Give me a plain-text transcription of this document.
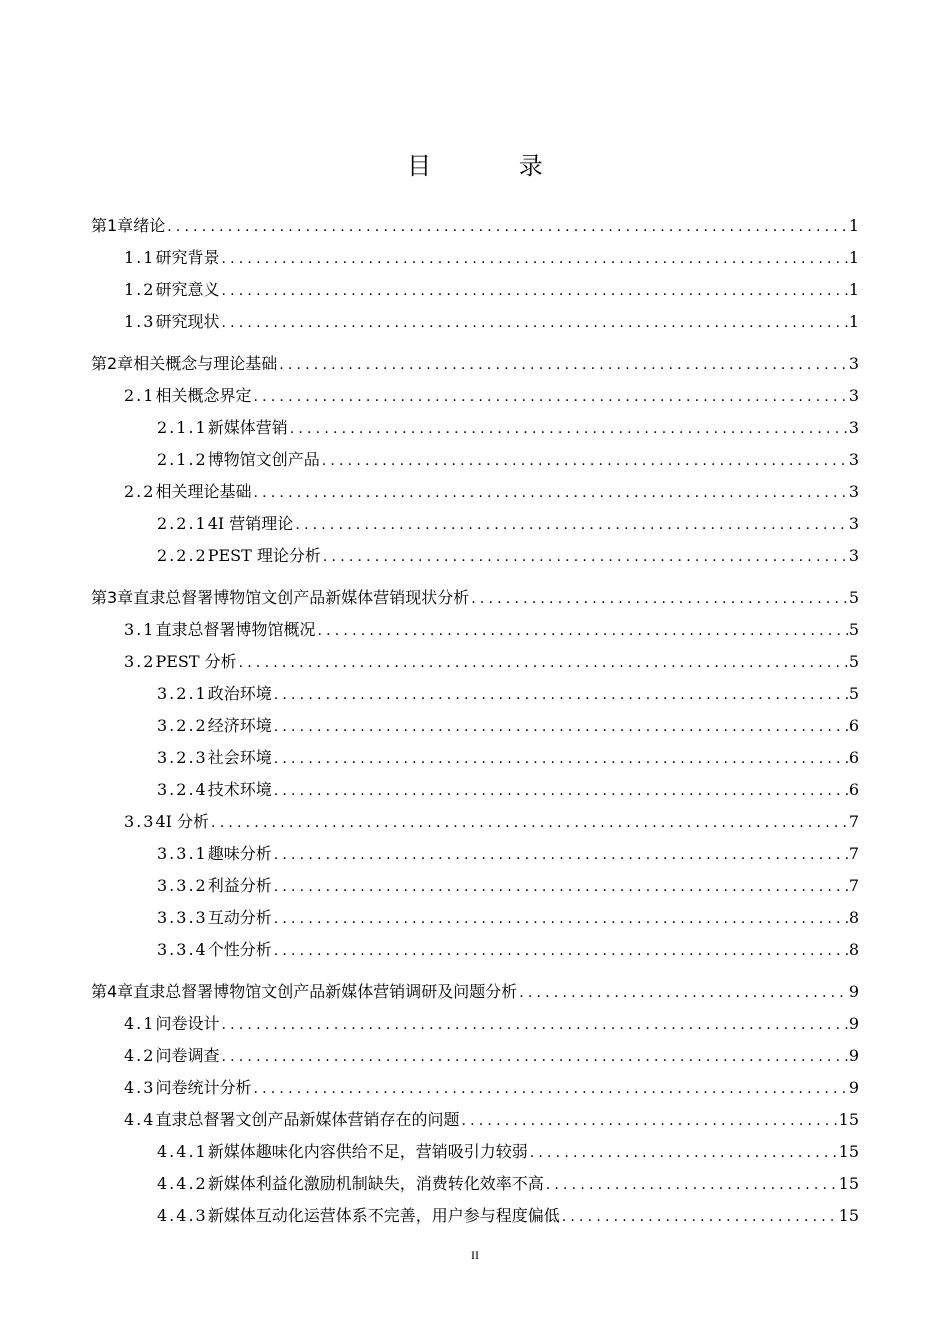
目 录
第1章 绪论 .....	1
1.1 研究背景 .....	1
1.2 研究意义 .....	1
1.3 研究现状 .....	1
第2章 相关概念与理论基础 .....	3
2.1 相关概念界定 .....	3
2.1.1 新媒体营销 .....	3
2.1.2 博物馆文创产品 .....	3
2.2 相关理论基础 .....	3
2.2.1 4I 营销理论 .....	3
2.2.2 PEST 理论分析 .....	3
第3章 直隶总督署博物馆文创产品新媒体营销现状分析 .....	5
3.1 直隶总督署博物馆概况 .....	5
3.2 PEST 分析 .....	5
3.2.1 政治环境 .....	5
3.2.2 经济环境 .....	6
3.2.3 社会环境 .....	6
3.2.4 技术环境 .....	6
3.3 4I 分析 .....	7
3.3.1 趣味分析 .....	7
3.3.2 利益分析 .....	7
3.3.3 互动分析 .....	8
3.3.4 个性分析 .....	8
第4章 直隶总督署博物馆文创产品新媒体营销调研及问题分析 .....	9
4.1 问卷设计 .....	9
4.2 问卷调查 .....	9
4.3 问卷统计分析 .....	9
4.4 直隶总督署文创产品新媒体营销存在的问题 .....	15
4.4.1 新媒体趣味化内容供给不足，营销吸引力较弱 .....	15
4.4.2 新媒体利益化激励机制缺失，消费转化效率不高 .....	15
4.4.3 新媒体互动化运营体系不完善，用户参与程度偏低 .....	15
II
